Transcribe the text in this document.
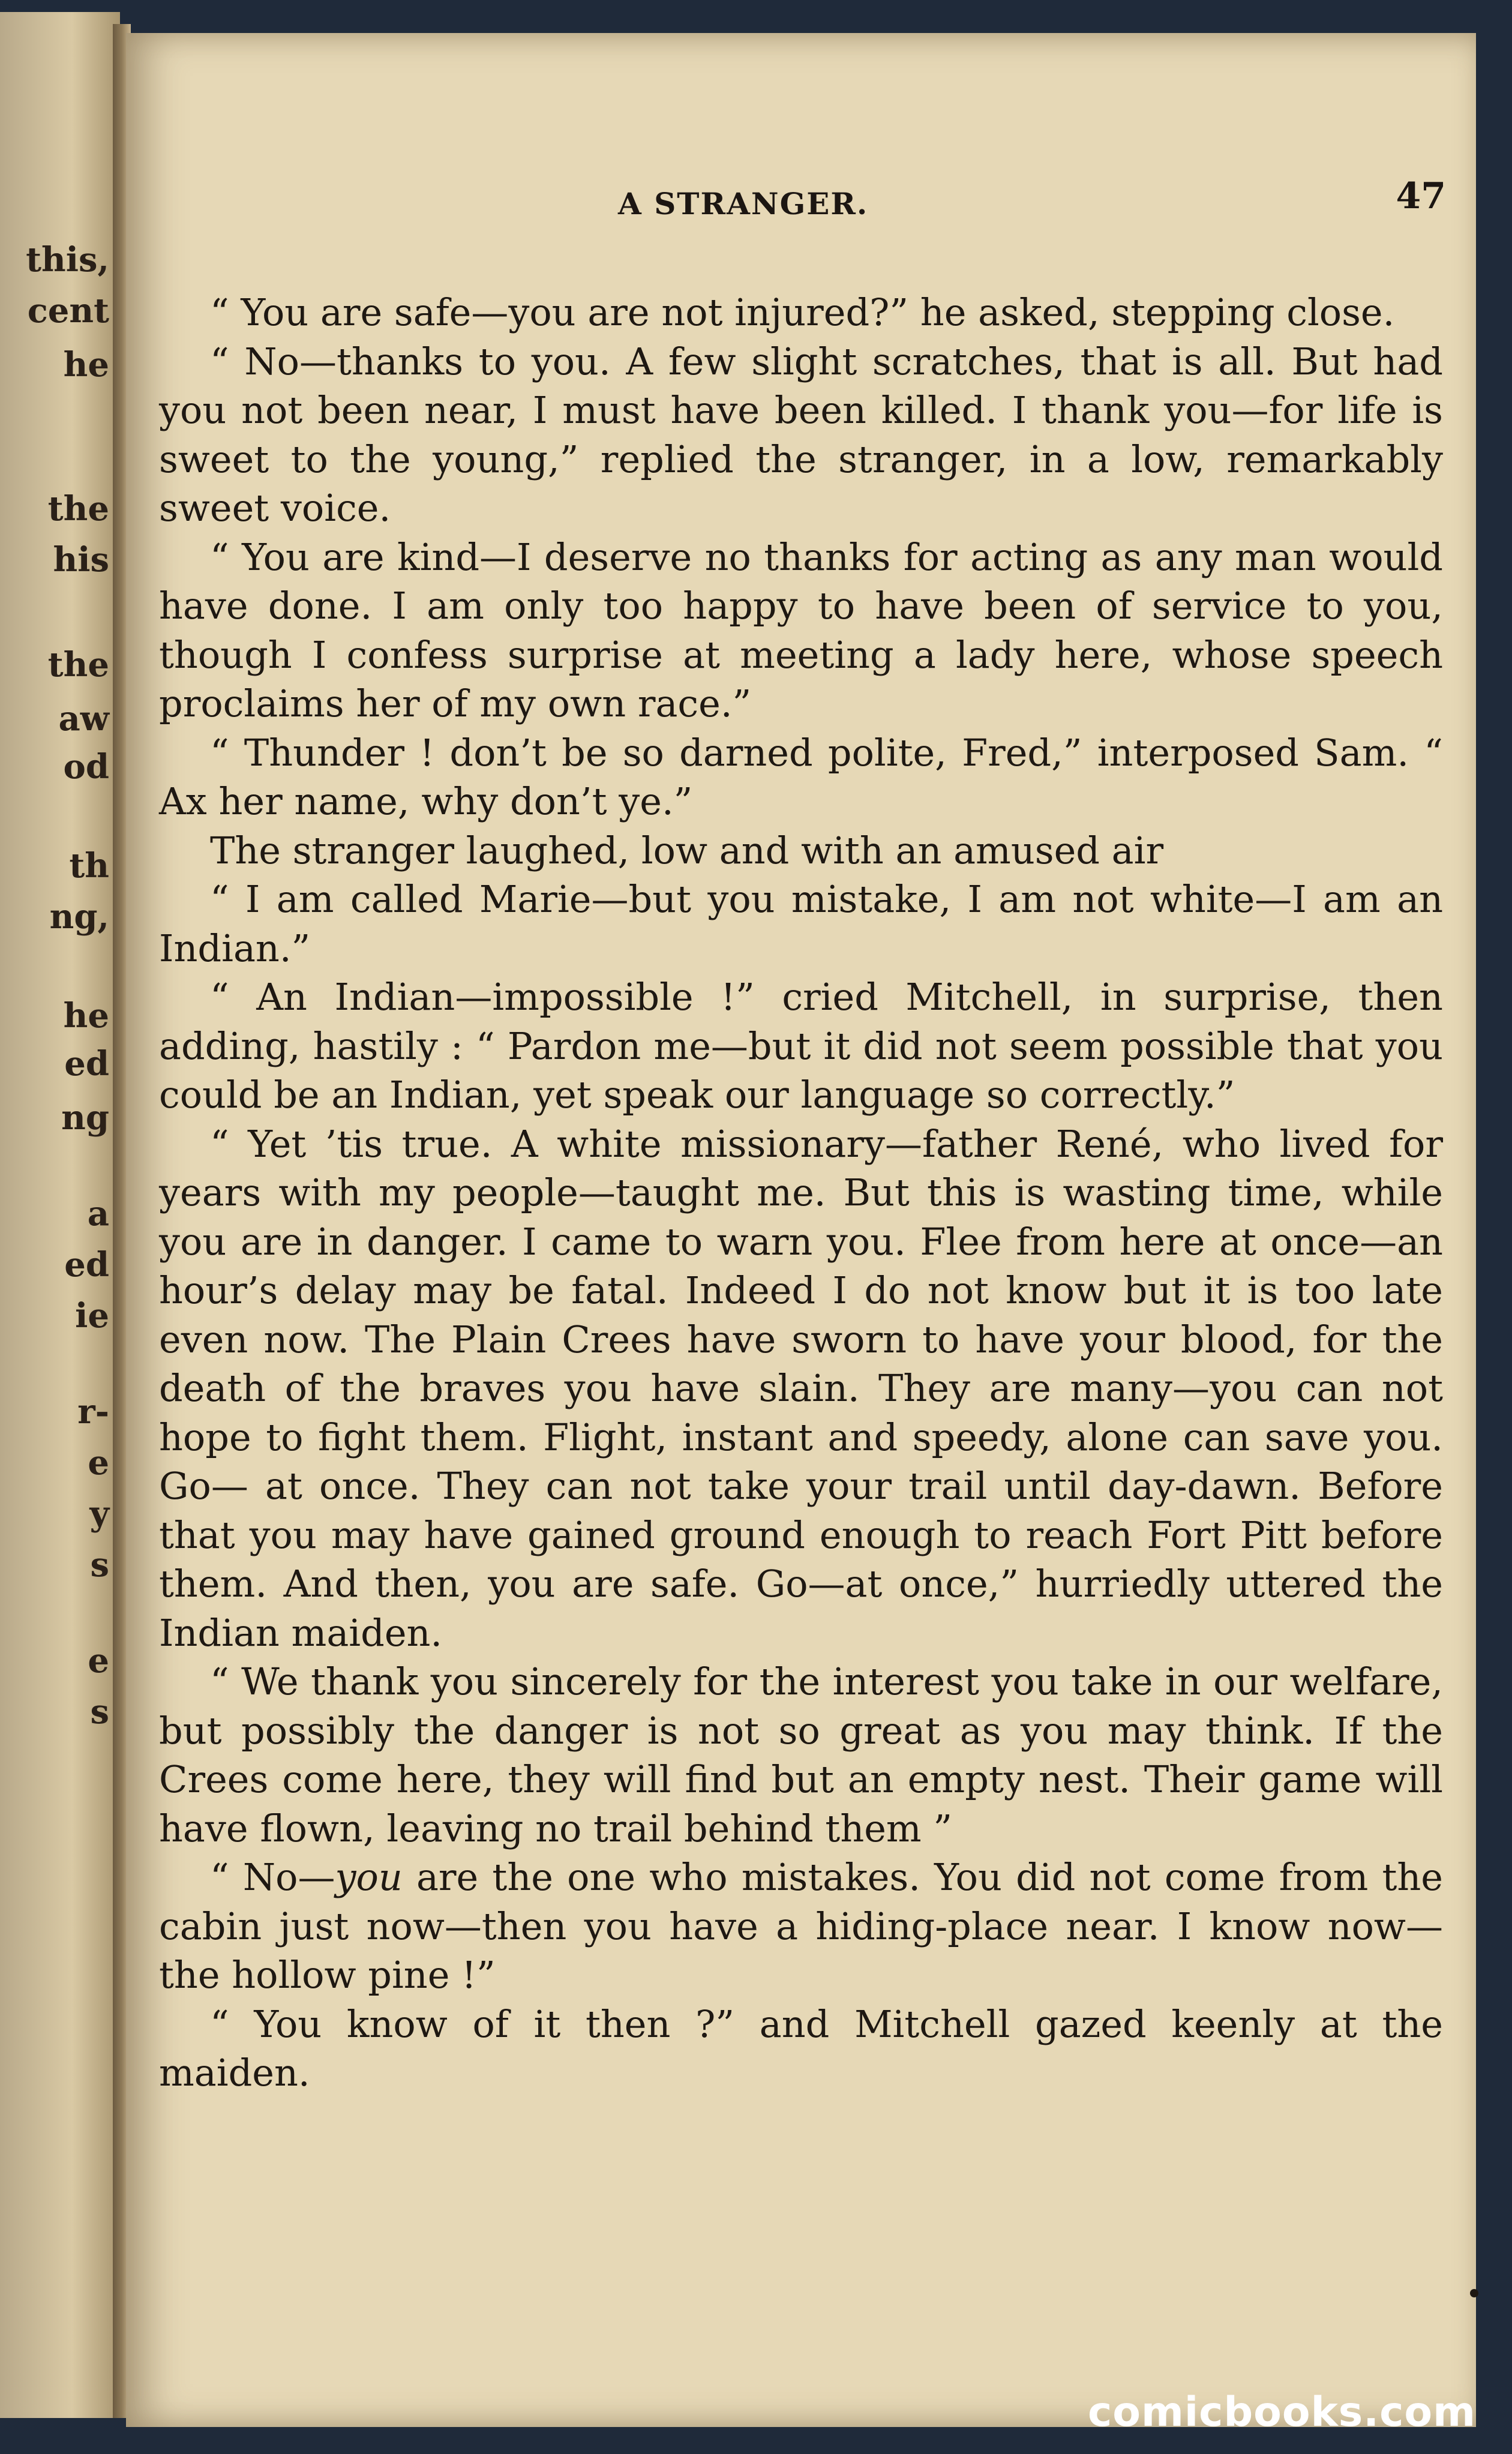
this,
cent
he
the
his
the
aw
od
th
ng,
he
ed
ng
a
ed
ie
r-
e
y
s
e
s
A STRANGER.	47

“ You are safe—you are not injured?” he asked, stepping close.

“ No—thanks to you. A few slight scratches, that is all. But had you not been near, I must have been killed. I thank you—for life is sweet to the young,” replied the stranger, in a low, remarkably sweet voice.

“ You are kind—I deserve no thanks for acting as any man would have done. I am only too happy to have been of service to you, though I confess surprise at meeting a lady here, whose speech proclaims her of my own race.”

“ Thunder ! don’t be so darned polite, Fred,” interposed Sam. “ Ax her name, why don’t ye.”

The stranger laughed, low and with an amused air

“ I am called Marie—but you mistake, I am not white—I am an Indian.”

“ An Indian—impossible !” cried Mitchell, in surprise, then adding, hastily : “ Pardon me—but it did not seem possible that you could be an Indian, yet speak our language so correctly.”

“ Yet ’tis true. A white missionary—father René, who lived for years with my people—taught me. But this is wasting time, while you are in danger. I came to warn you. Flee from here at once—an hour’s delay may be fatal. Indeed I do not know but it is too late even now. The Plain Crees have sworn to have your blood, for the death of the braves you have slain. They are many—you can not hope to fight them. Flight, instant and speedy, alone can save you. Go— at once. They can not take your trail until day-dawn. Before that you may have gained ground enough to reach Fort Pitt before them. And then, you are safe. Go—at once,” hurriedly uttered the Indian maiden.

“ We thank you sincerely for the interest you take in our welfare, but possibly the danger is not so great as you may think. If the Crees come here, they will find but an empty nest. Their game will have flown, leaving no trail behind them ”

“ No—you are the one who mistakes. You did not come from the cabin just now—then you have a hiding-place near. I know now—the hollow pine !”

“ You know of it then ?” and Mitchell gazed keenly at the maiden.

comicbooks.com
